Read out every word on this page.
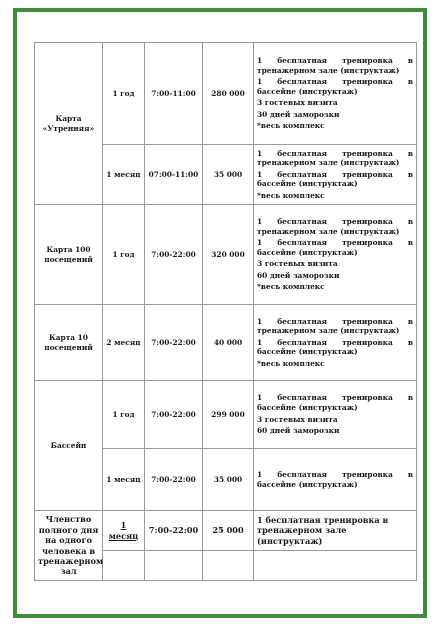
Карта «Утренняя»	1 год	7:00-11:00	280 000	1 бесплатная тренировка в тренажерном зале (инструктаж)
1 бесплатная тренировка в бассейне (инструктаж)
3 гостевых визита
30 дней заморозки
*весь комплекс

	1 месяц	07:00-11:00	35 000	1 бесплатная тренировка в тренажерном зале (инструктаж)
1 бесплатная тренировка в бассейне (инструктаж)
*весь комплекс

Карта 100 посещений	1 год	7:00-22:00	320 000	1 бесплатная тренировка в тренажерном зале (инструктаж)
1 бесплатная тренировка в бассейне (инструктаж)
3 гостевых визита
60 дней заморозки
*весь комплекс

Карта 10 посещений	2 месяц	7:00-22:00	40 000	1 бесплатная тренировка в тренажерном зале (инструктаж)
1 бесплатная тренировка в бассейне (инструктаж)
*весь комплекс

Бассейн	1 год	7:00-22:00	299 000	1 бесплатная тренировка в бассейне (инструктаж)
3 гостевых визита
60 дней заморозки

	1 месяц	7:00-22:00	35 000	1 бесплатная тренировка в бассейне (инструктаж)

Членство полного дня на одного человека в тренажерном зал	1 месяц	7:00-22:00	25 000	1 бесплатная тренировка в тренажерном зале (инструктаж)
